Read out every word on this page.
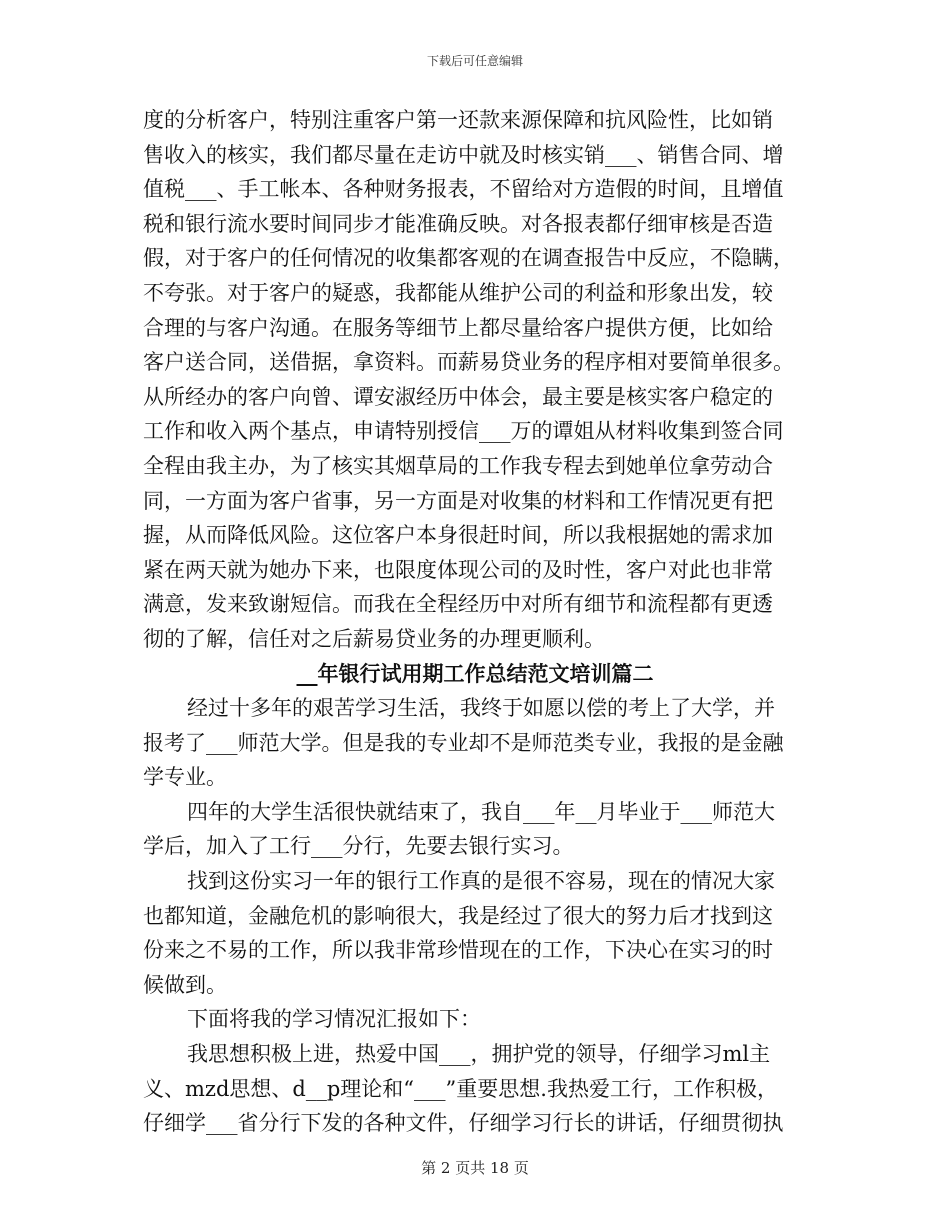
下载后可任意编辑
度的分析客户，特别注重客户第一还款来源保障和抗风险性，比如销
售收入的核实，我们都尽量在走访中就及时核实销___、销售合同、增
值税___、手工帐本、各种财务报表，不留给对方造假的时间，且增值
税和银行流水要时间同步才能准确反映。对各报表都仔细审核是否造
假，对于客户的任何情况的收集都客观的在调查报告中反应，不隐瞒，
不夸张。对于客户的疑惑，我都能从维护公司的利益和形象出发，较
合理的与客户沟通。在服务等细节上都尽量给客户提供方便，比如给
客户送合同，送借据，拿资料。而薪易贷业务的程序相对要简单很多。
从所经办的客户向曾、谭安淑经历中体会，最主要是核实客户稳定的
工作和收入两个基点，申请特别授信___万的谭姐从材料收集到签合同
全程由我主办，为了核实其烟草局的工作我专程去到她单位拿劳动合
同，一方面为客户省事，另一方面是对收集的材料和工作情况更有把
握，从而降低风险。这位客户本身很赶时间，所以我根据她的需求加
紧在两天就为她办下来，也限度体现公司的及时性，客户对此也非常
满意，发来致谢短信。而我在全程经历中对所有细节和流程都有更透
彻的了解，信任对之后薪易贷业务的办理更顺利。
__年银行试用期工作总结范文培训篇二
经过十多年的艰苦学习生活，我终于如愿以偿的考上了大学，并
报考了___师范大学。但是我的专业却不是师范类专业，我报的是金融
学专业。
四年的大学生活很快就结束了，我自___年__月毕业于___师范大
学后，加入了工行___分行，先要去银行实习。
找到这份实习一年的银行工作真的是很不容易，现在的情况大家
也都知道，金融危机的影响很大，我是经过了很大的努力后才找到这
份来之不易的工作，所以我非常珍惜现在的工作，下决心在实习的时
候做到。
下面将我的学习情况汇报如下：
我思想积极上进，热爱中国___，拥护党的领导，仔细学习ml主
义、mzd思想、d__p理论和“___”重要思想.我热爱工行，工作积极，
仔细学___省分行下发的各种文件，仔细学习行长的讲话，仔细贯彻执
第 2 页共 18 页
